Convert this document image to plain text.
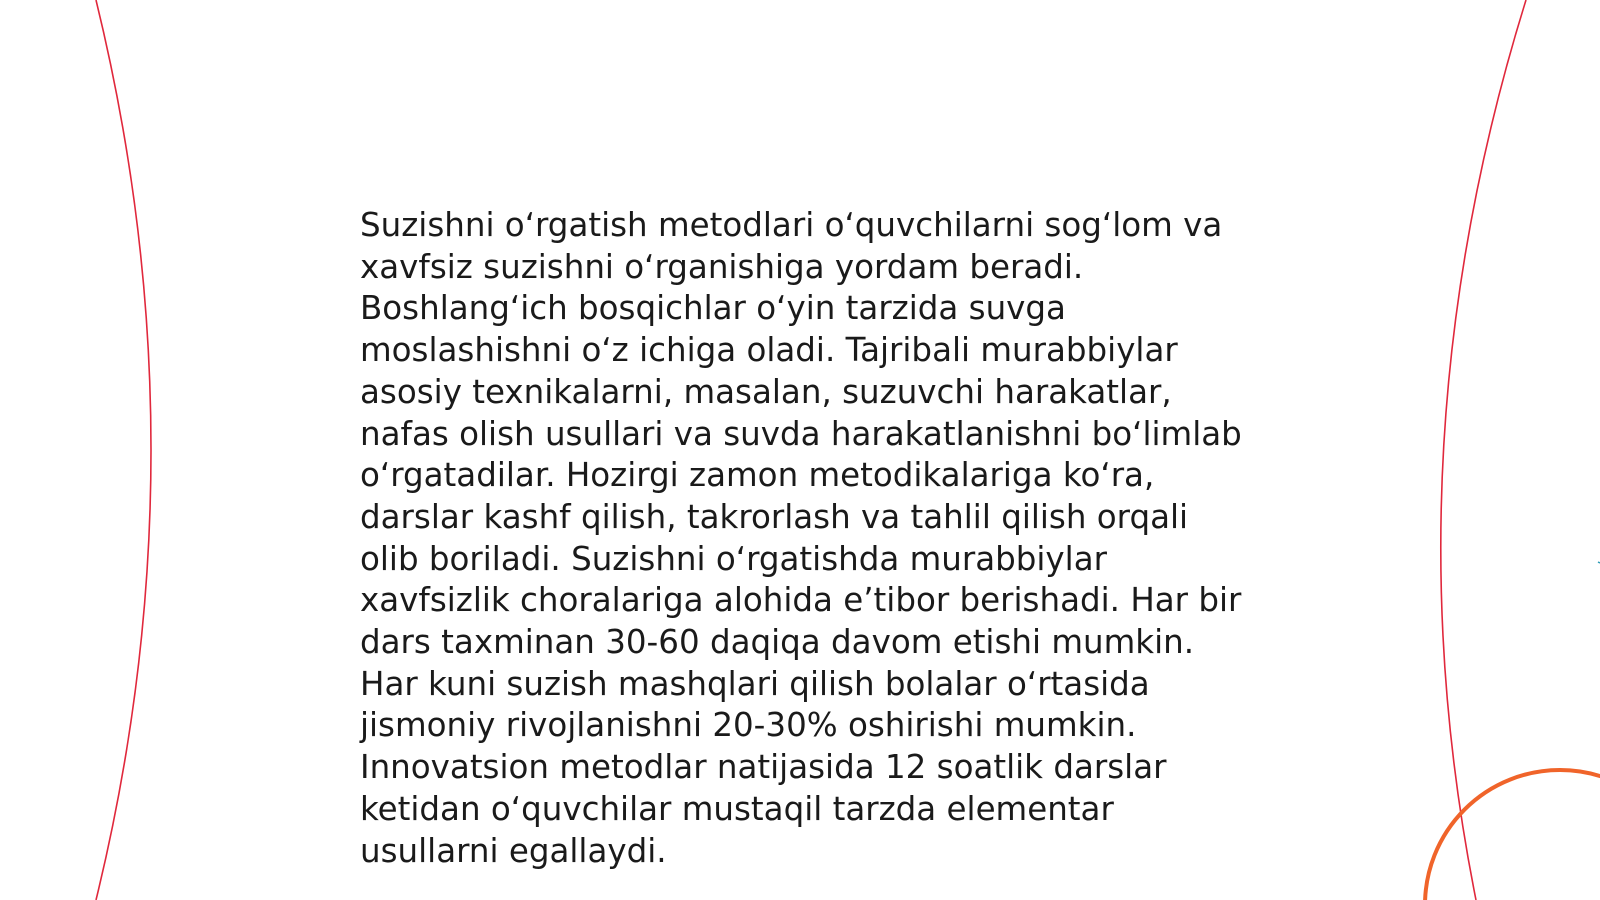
Suzishni o‘rgatish metodlari o‘quvchilarni sog‘lom va
xavfsiz suzishni o‘rganishiga yordam beradi.
Boshlang‘ich bosqichlar o‘yin tarzida suvga
moslashishni o‘z ichiga oladi. Tajribali murabbiylar
asosiy texnikalarni, masalan, suzuvchi harakatlar,
nafas olish usullari va suvda harakatlanishni bo‘limlab
o‘rgatadilar. Hozirgi zamon metodikalariga ko‘ra,
darslar kashf qilish, takrorlash va tahlil qilish orqali
olib boriladi. Suzishni o‘rgatishda murabbiylar
xavfsizlik choralariga alohida e’tibor berishadi. Har bir
dars taxminan 30-60 daqiqa davom etishi mumkin.
Har kuni suzish mashqlari qilish bolalar o‘rtasida
jismoniy rivojlanishni 20-30% oshirishi mumkin.
Innovatsion metodlar natijasida 12 soatlik darslar
ketidan o‘quvchilar mustaqil tarzda elementar
usullarni egallaydi.
